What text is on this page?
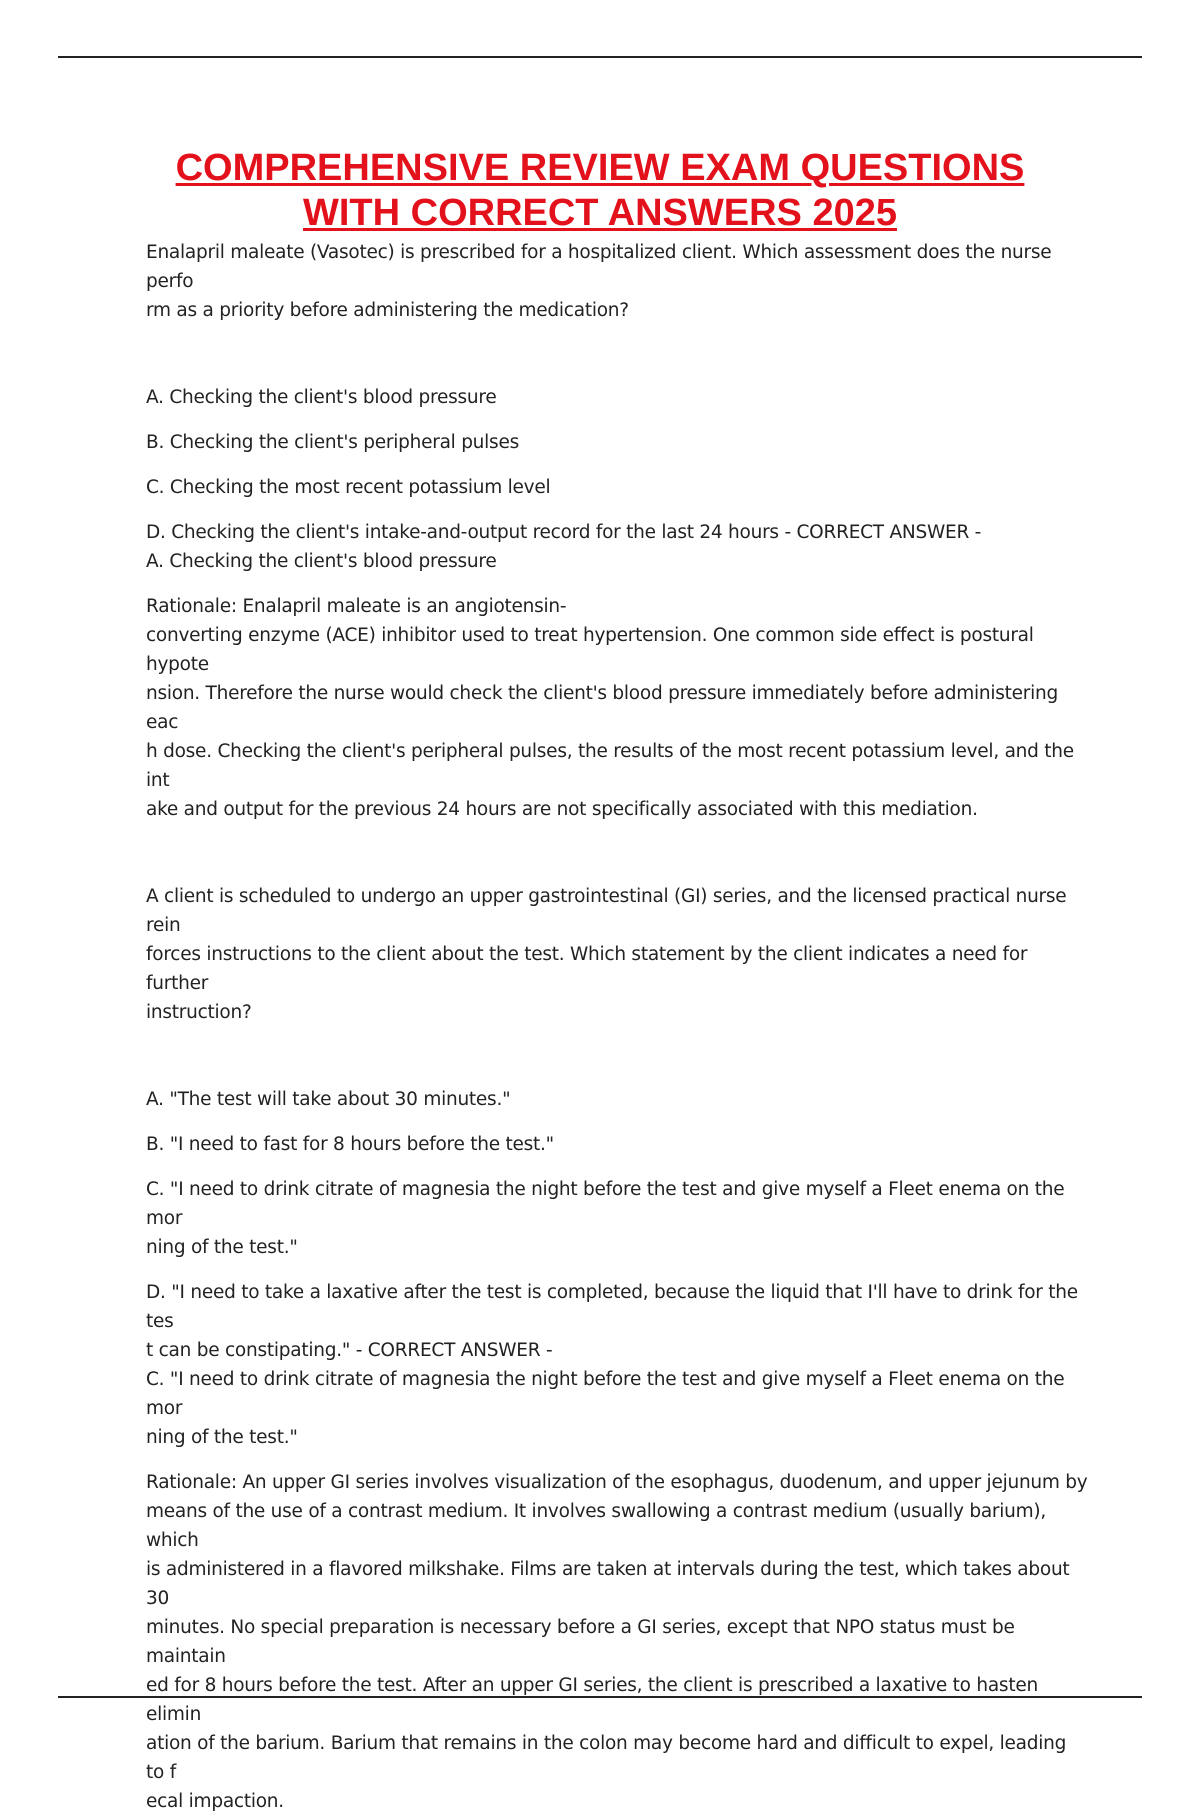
COMPREHENSIVE REVIEW EXAM QUESTIONS
WITH CORRECT ANSWERS 2025

Enalapril maleate (Vasotec) is prescribed for a hospitalized client. Which assessment does the nurse perfo
rm as a priority before administering the medication?

A. Checking the client's blood pressure

B. Checking the client's peripheral pulses

C. Checking the most recent potassium level

D. Checking the client's intake-and-output record for the last 24 hours - CORRECT ANSWER -
A. Checking the client's blood pressure

Rationale: Enalapril maleate is an angiotensin-
converting enzyme (ACE) inhibitor used to treat hypertension. One common side effect is postural hypote
nsion. Therefore the nurse would check the client's blood pressure immediately before administering eac
h dose. Checking the client's peripheral pulses, the results of the most recent potassium level, and the int
ake and output for the previous 24 hours are not specifically associated with this mediation.

A client is scheduled to undergo an upper gastrointestinal (GI) series, and the licensed practical nurse rein
forces instructions to the client about the test. Which statement by the client indicates a need for further
instruction?

A. "The test will take about 30 minutes."

B. "I need to fast for 8 hours before the test."

C. "I need to drink citrate of magnesia the night before the test and give myself a Fleet enema on the mor
ning of the test."

D. "I need to take a laxative after the test is completed, because the liquid that I'll have to drink for the tes
t can be constipating." - CORRECT ANSWER -
C. "I need to drink citrate of magnesia the night before the test and give myself a Fleet enema on the mor
ning of the test."

Rationale: An upper GI series involves visualization of the esophagus, duodenum, and upper jejunum by
means of the use of a contrast medium. It involves swallowing a contrast medium (usually barium), which
is administered in a flavored milkshake. Films are taken at intervals during the test, which takes about 30
minutes. No special preparation is necessary before a GI series, except that NPO status must be maintain
ed for 8 hours before the test. After an upper GI series, the client is prescribed a laxative to hasten elimin
ation of the barium. Barium that remains in the colon may become hard and difficult to expel, leading to f
ecal impaction.
